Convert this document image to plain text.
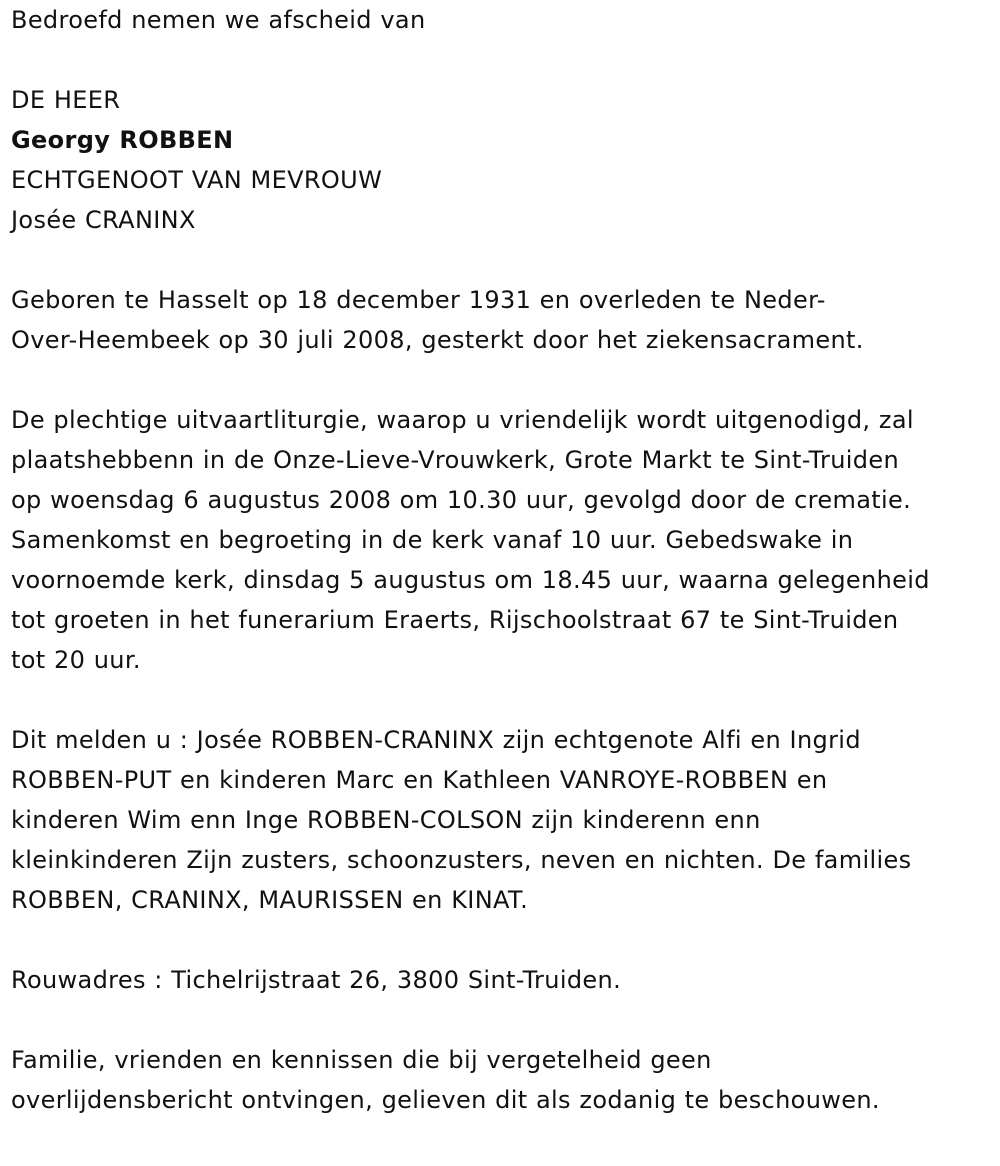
Bedroefd nemen we afscheid van
DE HEER
Georgy ROBBEN
ECHTGENOOT VAN MEVROUW
Josée CRANINX
Geboren te Hasselt op 18 december 1931 en overleden te Neder-
Over-Heembeek op 30 juli 2008, gesterkt door het ziekensacrament.
De plechtige uitvaartliturgie, waarop u vriendelijk wordt uitgenodigd, zal
plaatshebbenn in de Onze-Lieve-Vrouwkerk, Grote Markt te Sint-Truiden
op woensdag 6 augustus 2008 om 10.30 uur, gevolgd door de crematie.
Samenkomst en begroeting in de kerk vanaf 10 uur. Gebedswake in
voornoemde kerk, dinsdag 5 augustus om 18.45 uur, waarna gelegenheid
tot groeten in het funerarium Eraerts, Rijschoolstraat 67 te Sint-Truiden
tot 20 uur.
Dit melden u : Josée ROBBEN-CRANINX zijn echtgenote Alfi en Ingrid
ROBBEN-PUT en kinderen Marc en Kathleen VANROYE-ROBBEN en
kinderen Wim enn Inge ROBBEN-COLSON zijn kinderenn enn
kleinkinderen Zijn zusters, schoonzusters, neven en nichten. De families
ROBBEN, CRANINX, MAURISSEN en KINAT.
Rouwadres : Tichelrijstraat 26, 3800 Sint-Truiden.
Familie, vrienden en kennissen die bij vergetelheid geen
overlijdensbericht ontvingen, gelieven dit als zodanig te beschouwen.
